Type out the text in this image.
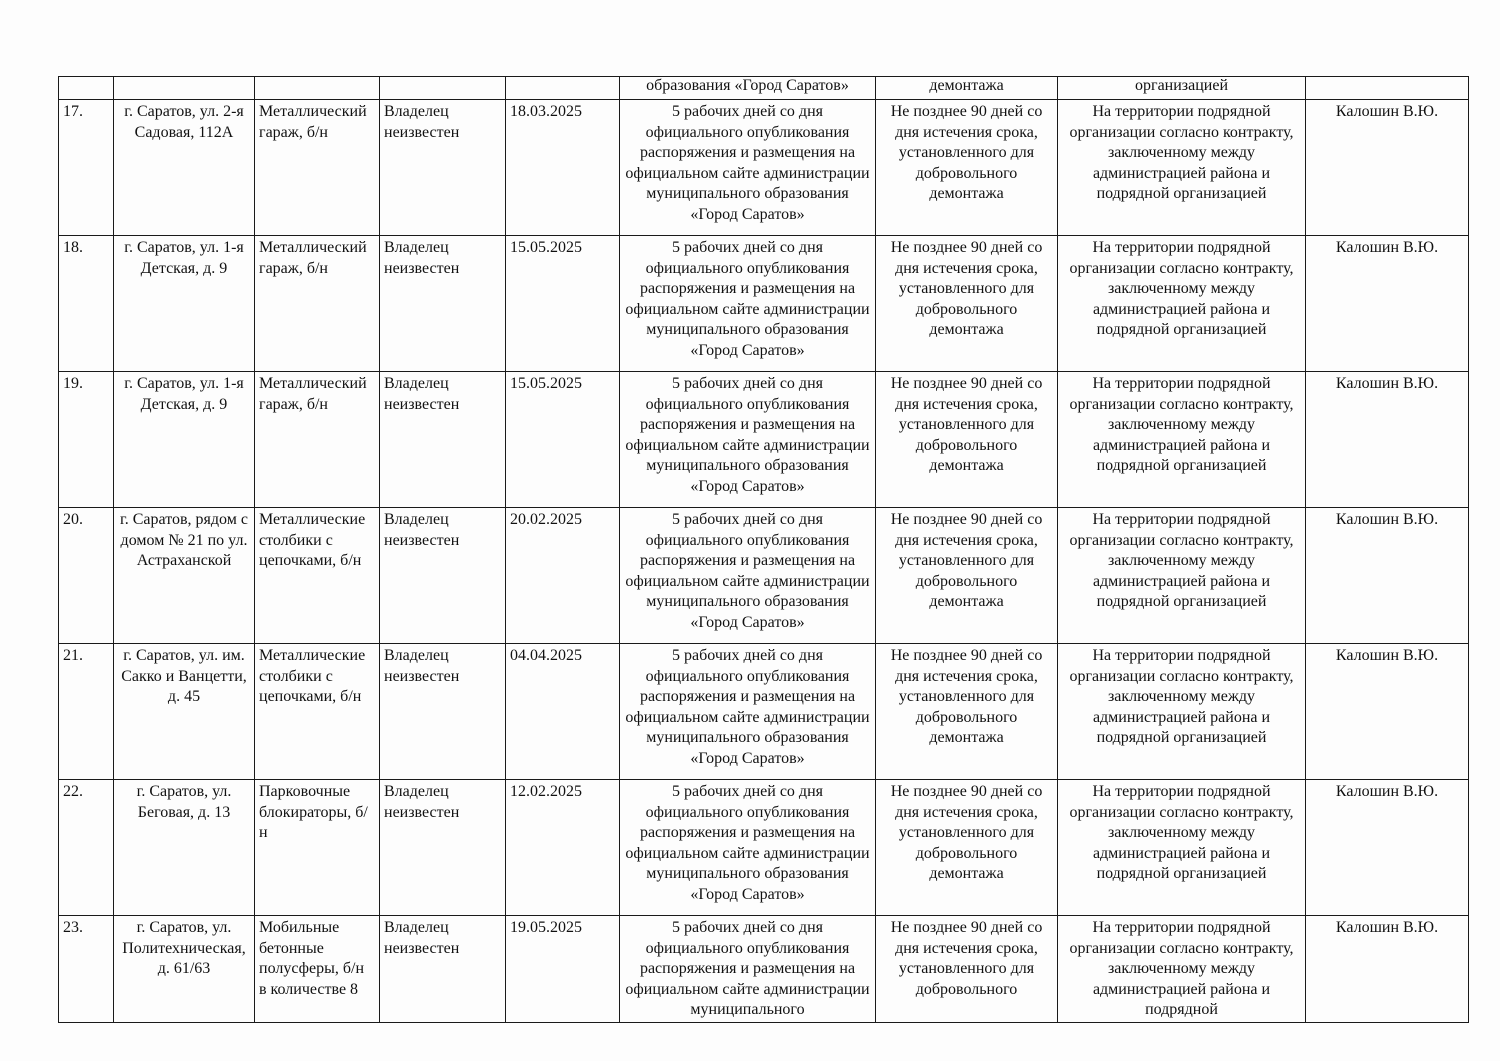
					образования «Город Саратов»	демонтажа	организацией	
17.	г. Саратов, ул. 2-я Садовая, 112А	Металлический гараж, б/н	Владелец неизвестен	18.03.2025	5 рабочих дней со дня официального опубликования распоряжения и размещения на официальном сайте администрации муниципального образования «Город Саратов»	Не позднее 90 дней со дня истечения срока, установленного для добровольного демонтажа	На территории подрядной организации согласно контракту, заключенному между администрацией района и подрядной организацией	Калошин В.Ю.
18.	г. Саратов, ул. 1-я Детская, д. 9	Металлический гараж, б/н	Владелец неизвестен	15.05.2025	5 рабочих дней со дня официального опубликования распоряжения и размещения на официальном сайте администрации муниципального образования «Город Саратов»	Не позднее 90 дней со дня истечения срока, установленного для добровольного демонтажа	На территории подрядной организации согласно контракту, заключенному между администрацией района и подрядной организацией	Калошин В.Ю.
19.	г. Саратов, ул. 1-я Детская, д. 9	Металлический гараж, б/н	Владелец неизвестен	15.05.2025	5 рабочих дней со дня официального опубликования распоряжения и размещения на официальном сайте администрации муниципального образования «Город Саратов»	Не позднее 90 дней со дня истечения срока, установленного для добровольного демонтажа	На территории подрядной организации согласно контракту, заключенному между администрацией района и подрядной организацией	Калошин В.Ю.
20.	г. Саратов, рядом с домом № 21 по ул. Астраханской	Металлические столбики с цепочками, б/н	Владелец неизвестен	20.02.2025	5 рабочих дней со дня официального опубликования распоряжения и размещения на официальном сайте администрации муниципального образования «Город Саратов»	Не позднее 90 дней со дня истечения срока, установленного для добровольного демонтажа	На территории подрядной организации согласно контракту, заключенному между администрацией района и подрядной организацией	Калошин В.Ю.
21.	г. Саратов, ул. им. Сакко и Ванцетти, д. 45	Металлические столбики с цепочками, б/н	Владелец неизвестен	04.04.2025	5 рабочих дней со дня официального опубликования распоряжения и размещения на официальном сайте администрации муниципального образования «Город Саратов»	Не позднее 90 дней со дня истечения срока, установленного для добровольного демонтажа	На территории подрядной организации согласно контракту, заключенному между администрацией района и подрядной организацией	Калошин В.Ю.
22.	г. Саратов, ул. Беговая, д. 13	Парковочные блокираторы, б/н	Владелец неизвестен	12.02.2025	5 рабочих дней со дня официального опубликования распоряжения и размещения на официальном сайте администрации муниципального образования «Город Саратов»	Не позднее 90 дней со дня истечения срока, установленного для добровольного демонтажа	На территории подрядной организации согласно контракту, заключенному между администрацией района и подрядной организацией	Калошин В.Ю.
23.	г. Саратов, ул. Политехническая, д. 61/63	Мобильные бетонные полусферы, б/н в количестве 8	Владелец неизвестен	19.05.2025	5 рабочих дней со дня официального опубликования распоряжения и размещения на официальном сайте администрации муниципального	Не позднее 90 дней со дня истечения срока, установленного для добровольного	На территории подрядной организации согласно контракту, заключенному между администрацией района и подрядной	Калошин В.Ю.
